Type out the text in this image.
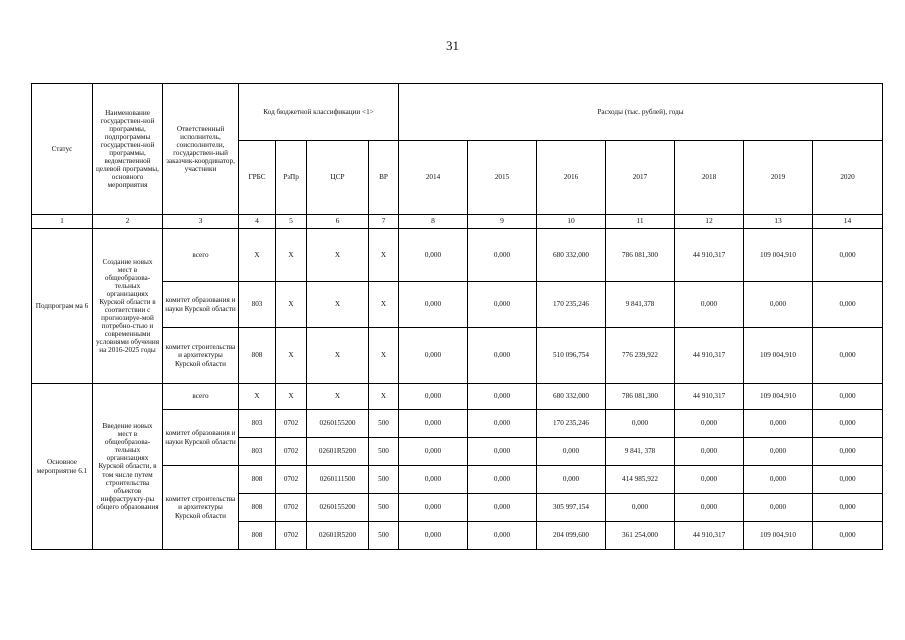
31
Статус	Наименование государствен-ной программы, подпрограммы государствен-ной программы, ведомственной целевой программы, основного мероприятия	Ответственный исполнитель, соисполнители, государствен-ный заказчик-координатор, участники	Код бюджетной классификации <1>				Расходы (тыс. рублей), годы						
			ГРБС	РзПр	ЦСР	ВР	2014	2015	2016	2017	2018	2019	2020
1	2	3	4	5	6	7	8	9	10	11	12	13	14
Подпрограм ма 6	Создание новых мест в общеобразова-тельных организациях Курской области в соответствии с прогнозируе-мой потребно-стью и современными условиями обучения на 2016-2025 годы	всего	X	X	X	X	0,000	0,000	680 332,000	786 081,300	44 910,317	109 004,910	0,000
		комитет образования и науки Курской области	803	X	X	X	0,000	0,000	170 235,246	9 841,378	0,000	0,000	0,000
		комитет строительства и архитектуры Курской области	808	X	X	X	0,000	0,000	510 096,754	776 239,922	44 910,317	109 004,910	0,000
Основное мероприятие 6.1	Введение новых мест в общеобразова-тельных организациях Курской области, в том числе путем строительства объектов инфраструкту-ры общего образования	всего	X	X	X	X	0,000	0,000	680 332,000	786 081,300	44 910,317	109 004,910	0,000
		комитет образования и науки Курской области	803	0702	0260155200	500	0,000	0,000	170 235,246	0,000	0,000	0,000	0,000
			803	0702	02601R5200	500	0,000	0,000	0,000	9 841, 378	0,000	0,000	0,000
		комитет строительства и архитектуры Курской области	808	0702	0260111500	500	0,000	0,000	0,000	414 985,922	0,000	0,000	0,000
			808	0702	0260155200	500	0,000	0,000	305 997,154	0,000	0,000	0,000	0,000
			808	0702	02601R5200	500	0,000	0,000	204 099,600	361 254,000	44 910,317	109 004,910	0,000
